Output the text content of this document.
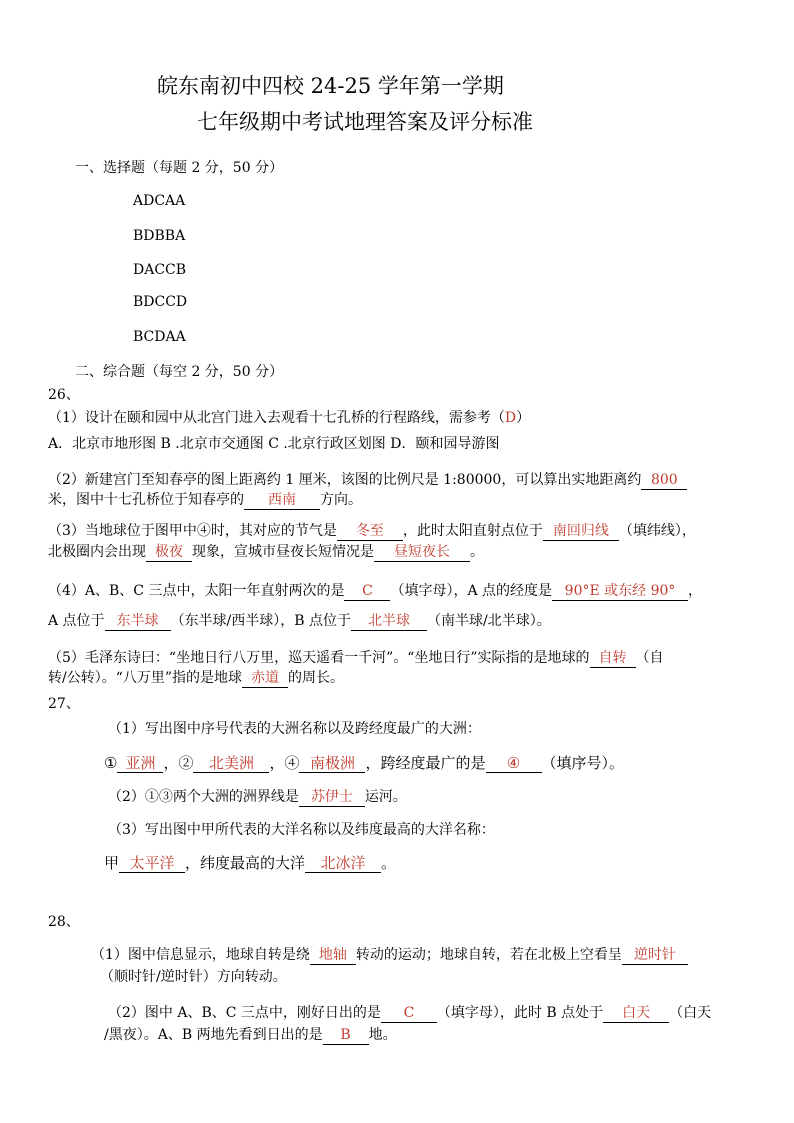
皖东南初中四校 24-25 学年第一学期
七年级期中考试地理答案及评分标准
一、选择题（每题 2 分，50 分）
ADCAA
BDBBA
DACCB
BDCCD
BCDAA
二、综合题（每空 2 分，50 分）
26、
（1）设计在颐和园中从北宫门进入去观看十七孔桥的行程路线，需参考（D）
A．北京市地形图 B .北京市交通图 C .北京行政区划图 D．颐和园导游图
（2）新建宫门至知春亭的图上距离约 1 厘米，该图的比例尺是 1:80000，可以算出实地距离约 800
米，图中十七孔桥位于知春亭的 西南 方向。
（3）当地球位于图甲中④时，其对应的节气是 冬至 ，此时太阳直射点位于 南回归线 （填纬线），
北极圈内会出现 极夜 现象，宣城市昼夜长短情况是 昼短夜长 。
（4）A、B、C 三点中，太阳一年直射两次的是 C （填字母），A 点的经度是 90°E 或东经 90° ，
A 点位于 东半球 （东半球/西半球），B 点位于 北半球 （南半球/北半球）。
（5）毛泽东诗曰：“坐地日行八万里，巡天遥看一千河”。“坐地日行”实际指的是地球的 自转 （自
转/公转）。“八万里”指的是地球 赤道 的周长。
27、
（1）写出图中序号代表的大洲名称以及跨经度最广的大洲：
① 亚洲 ，② 北美洲 ，④ 南极洲 ，跨经度最广的是 ④ （填序号）。
（2）①③两个大洲的洲界线是 苏伊士 运河。
（3）写出图中甲所代表的大洋名称以及纬度最高的大洋名称：
甲 太平洋 ，纬度最高的大洋 北冰洋 。
28、
（1）图中信息显示，地球自转是绕 地轴 转动的运动；地球自转，若在北极上空看呈 逆时针
（顺时针/逆时针）方向转动。
（2）图中 A、B、C 三点中，刚好日出的是 C （填字母），此时 B 点处于 白天 （白天
/黑夜）。A、B 两地先看到日出的是 B 地。
